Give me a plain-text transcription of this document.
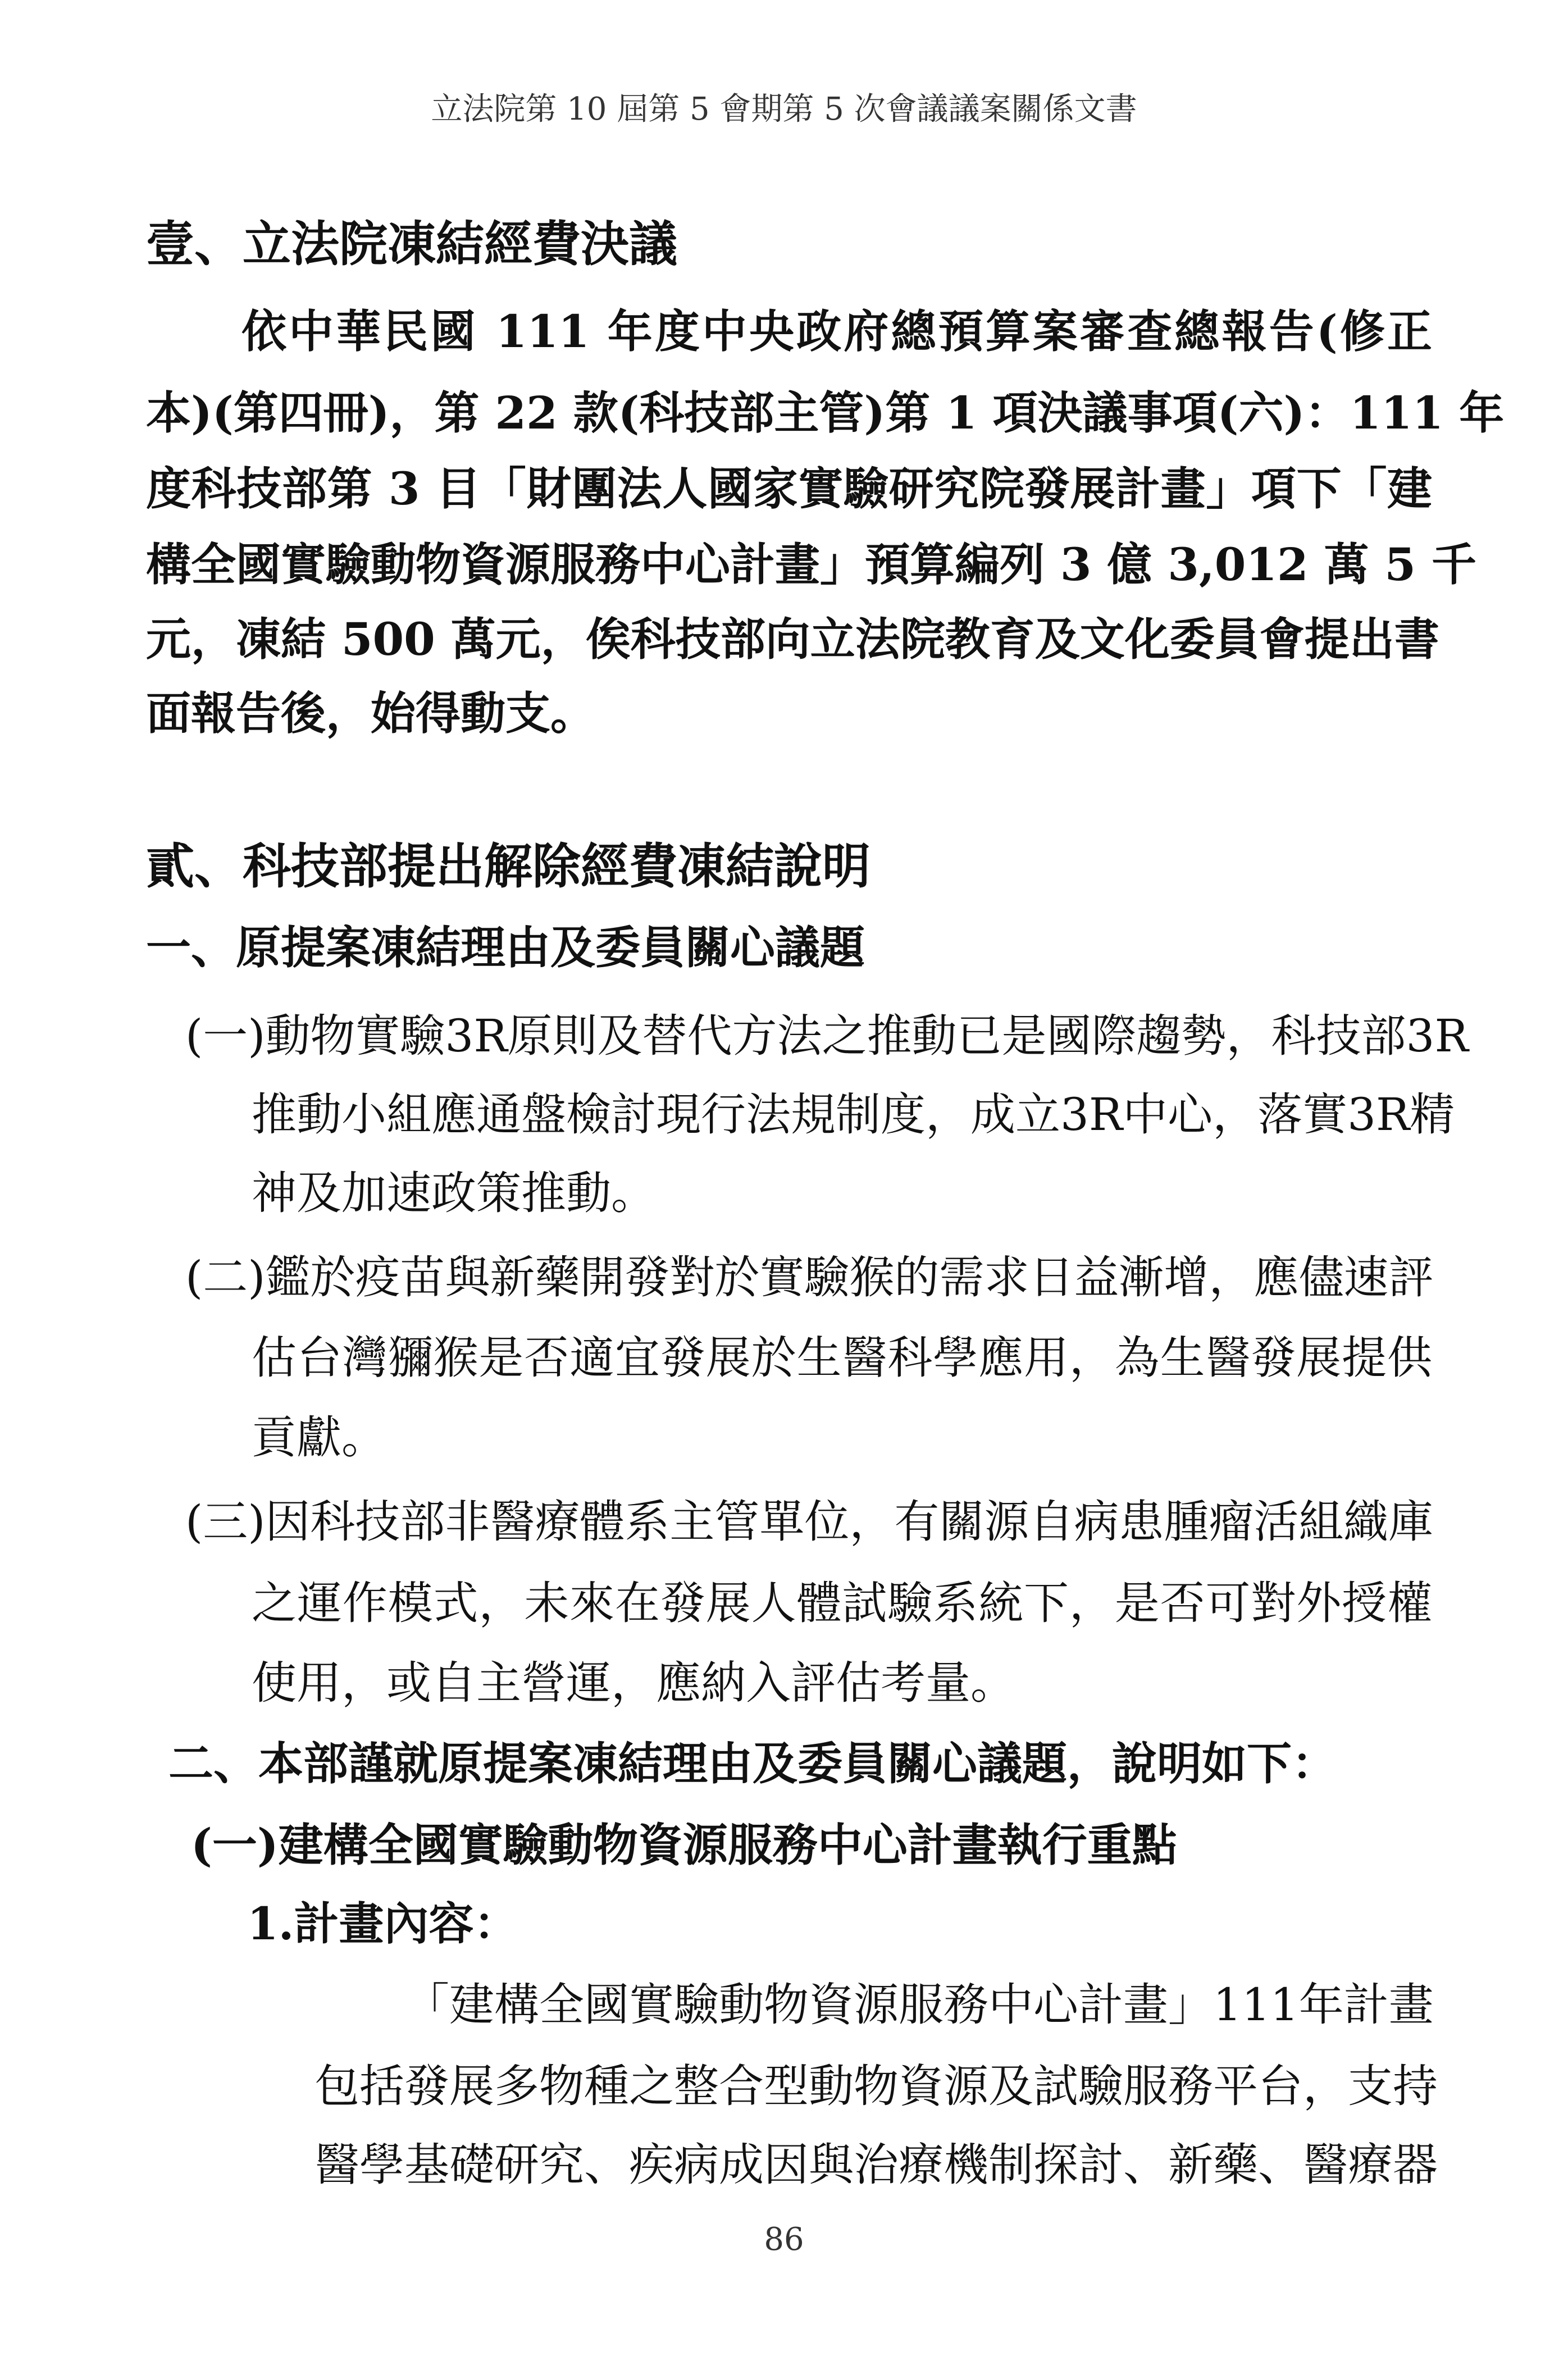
立法院第 10 屆第 5 會期第 5 次會議議案關係文書
壹、立法院凍結經費決議
依中華民國 111 年度中央政府總預算案審查總報告(修正
本)(第四冊)，第 22 款(科技部主管)第 1 項決議事項(六)：111 年
度科技部第 3 目「財團法人國家實驗研究院發展計畫」項下「建
構全國實驗動物資源服務中心計畫」預算編列 3 億 3,012 萬 5 千
元，凍結 500 萬元，俟科技部向立法院教育及文化委員會提出書
面報告後，始得動支。
貳、科技部提出解除經費凍結說明
一、原提案凍結理由及委員關心議題
(一)動物實驗3R原則及替代方法之推動已是國際趨勢，科技部3R
推動小組應通盤檢討現行法規制度，成立3R中心，落實3R精
神及加速政策推動。
(二)鑑於疫苗與新藥開發對於實驗猴的需求日益漸增，應儘速評
估台灣獼猴是否適宜發展於生醫科學應用，為生醫發展提供
貢獻。
(三)因科技部非醫療體系主管單位，有關源自病患腫瘤活組織庫
之運作模式，未來在發展人體試驗系統下，是否可對外授權
使用，或自主營運，應納入評估考量。
二、本部謹就原提案凍結理由及委員關心議題，說明如下：
(一)建構全國實驗動物資源服務中心計畫執行重點
1.計畫內容：
「建構全國實驗動物資源服務中心計畫」111年計畫
包括發展多物種之整合型動物資源及試驗服務平台，支持
醫學基礎研究、疾病成因與治療機制探討、新藥、醫療器
86
